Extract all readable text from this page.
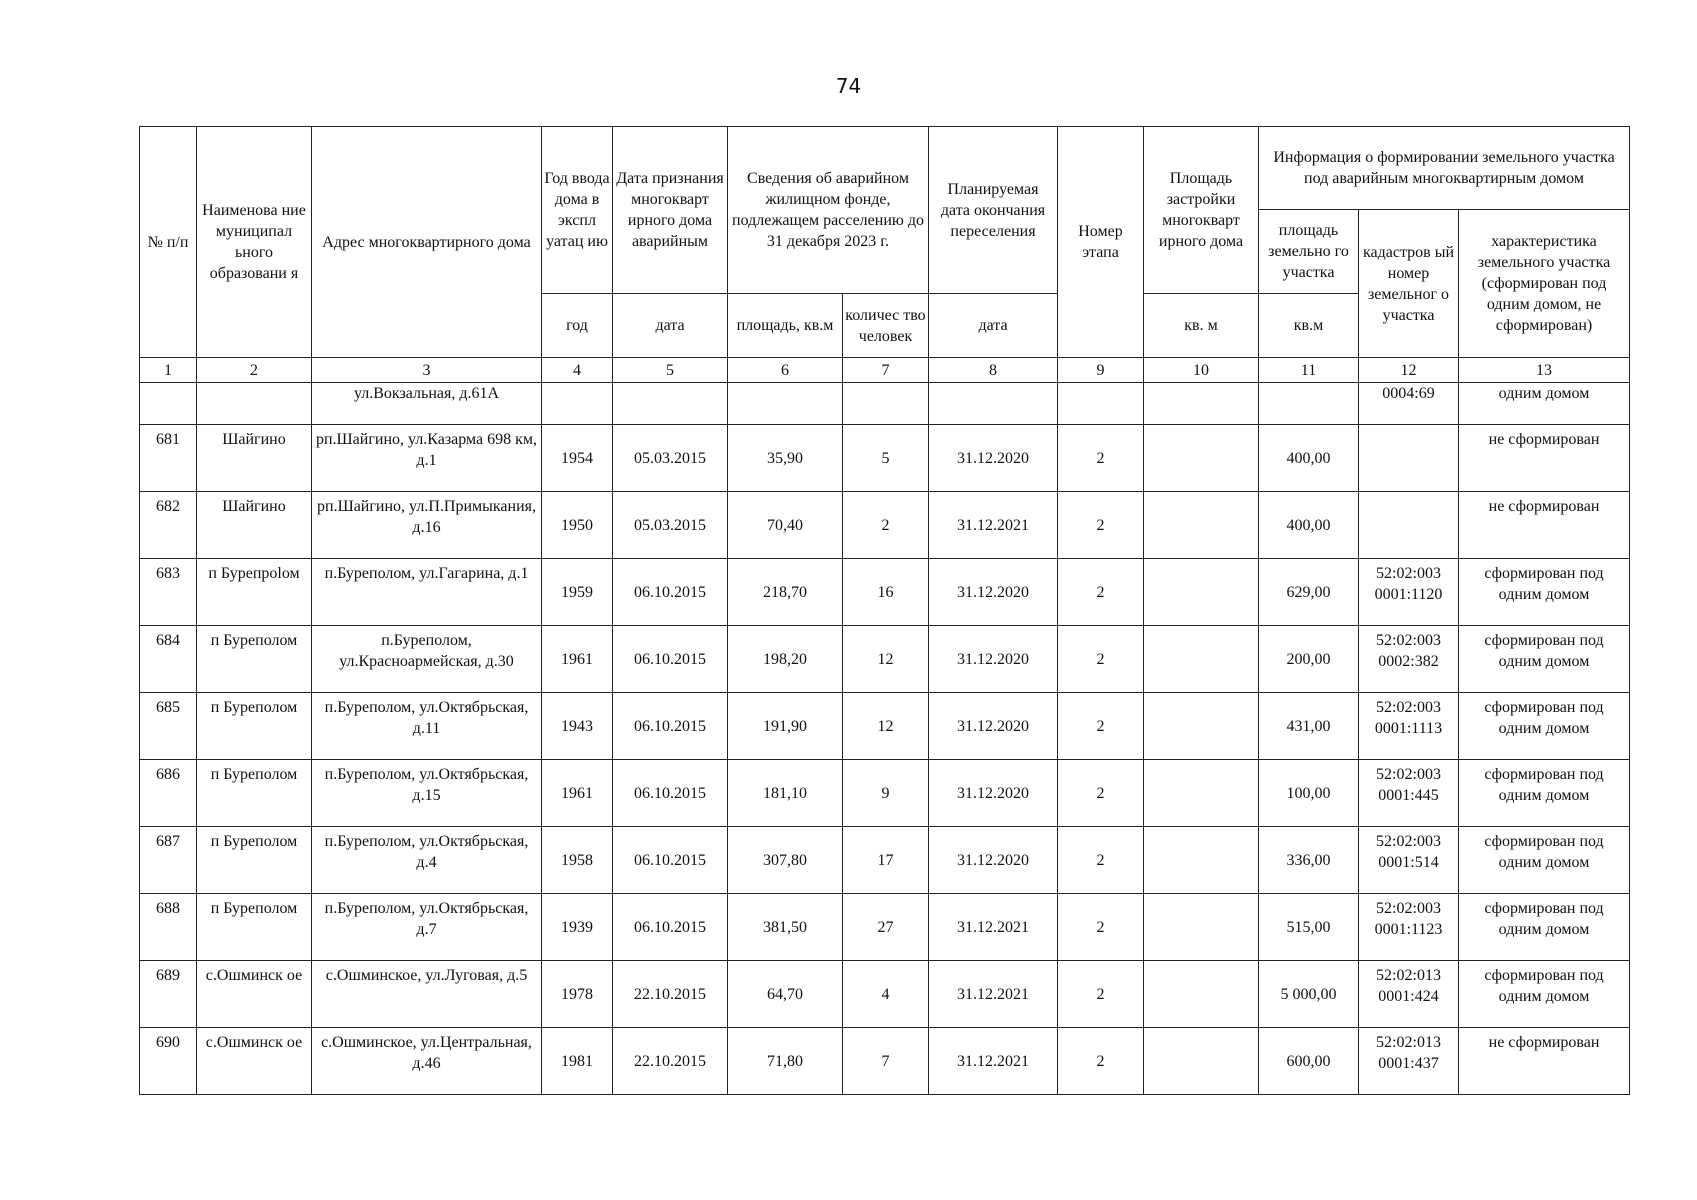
74
№ п/п	Наименова ние муниципал ьного образовани я	Адрес многоквартирного дома	Год ввода дома в экспл уатац ию	Дата признания многокварт ирного дома аварийным	Сведения об аварийном жилищном фонде, подлежащем расселению до 31 декабря 2023 г.		Планируемая дата окончания переселения	Номер этапа	Площадь застройки многокварт ирного дома	Информация о формировании земельного участка под аварийным многоквартирным домом		
										площадь земельно го участка	кадастров ый номер земельног о участка	характеристика земельного участка (сформирован под одним домом, не сформирован)
			год	дата	площадь, кв.м	количес тво человек	дата		кв. м	кв.м		
1	2	3	4	5	6	7	8	9	10	11	12	13
		ул.Вокзальная, д.61А									0004:69	одним домом
681	Шайгино	рп.Шайгино, ул.Казарма 698 км, д.1	1954	05.03.2015	35,90	5	31.12.2020	2		400,00		не сформирован
682	Шайгино	рп.Шайгино, ул.П.Примыкания, д.16	1950	05.03.2015	70,40	2	31.12.2021	2		400,00		не сформирован
683	п Бурепpolом	п.Буреполом, ул.Гагарина, д.1	1959	06.10.2015	218,70	16	31.12.2020	2		629,00	52:02:003 0001:1120	сформирован под одним домом
684	п Буреполом	п.Буреполом, ул.Красноармейская, д.30	1961	06.10.2015	198,20	12	31.12.2020	2		200,00	52:02:003 0002:382	сформирован под одним домом
685	п Буреполом	п.Буреполом, ул.Октябрьская, д.11	1943	06.10.2015	191,90	12	31.12.2020	2		431,00	52:02:003 0001:1113	сформирован под одним домом
686	п Буреполом	п.Буреполом, ул.Октябрьская, д.15	1961	06.10.2015	181,10	9	31.12.2020	2		100,00	52:02:003 0001:445	сформирован под одним домом
687	п Буреполом	п.Буреполом, ул.Октябрьская, д.4	1958	06.10.2015	307,80	17	31.12.2020	2		336,00	52:02:003 0001:514	сформирован под одним домом
688	п Буреполом	п.Буреполом, ул.Октябрьская, д.7	1939	06.10.2015	381,50	27	31.12.2021	2		515,00	52:02:003 0001:1123	сформирован под одним домом
689	с.Ошминск ое	с.Ошминское, ул.Луговая, д.5	1978	22.10.2015	64,70	4	31.12.2021	2		5 000,00	52:02:013 0001:424	сформирован под одним домом
690	с.Ошминск ое	с.Ошминское, ул.Центральная, д.46	1981	22.10.2015	71,80	7	31.12.2021	2		600,00	52:02:013 0001:437	не сформирован
